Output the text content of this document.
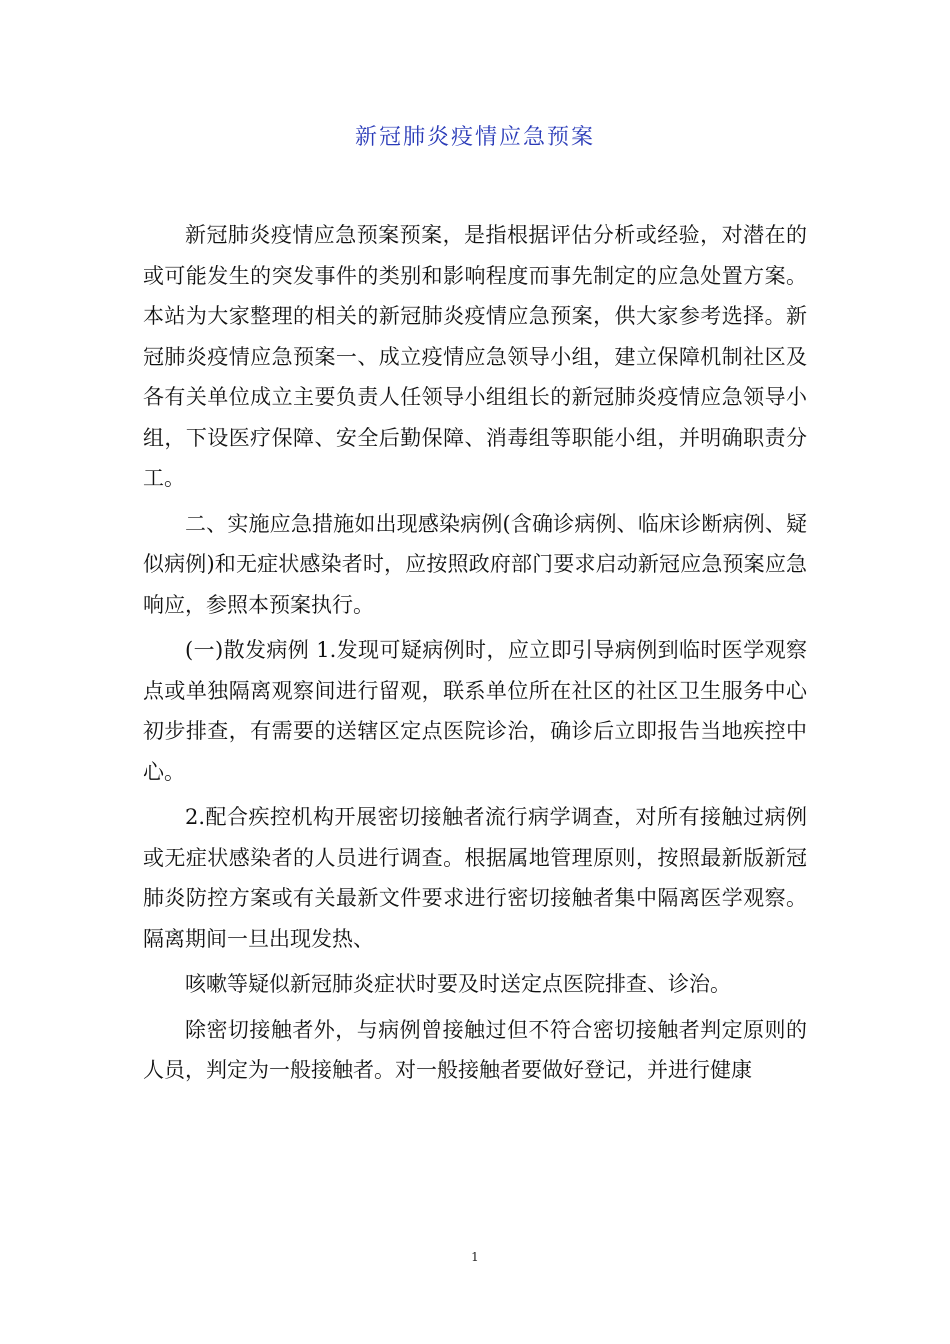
新冠肺炎疫情应急预案

新冠肺炎疫情应急预案预案，是指根据评估分析或经验，对潜在的或可能发生的突发事件的类别和影响程度而事先制定的应急处置方案。本站为大家整理的相关的新冠肺炎疫情应急预案，供大家参考选择。新冠肺炎疫情应急预案一、成立疫情应急领导小组，建立保障机制社区及各有关单位成立主要负责人任领导小组组长的新冠肺炎疫情应急领导小组，下设医疗保障、安全后勤保障、消毒组等职能小组，并明确职责分工。

二、实施应急措施如出现感染病例(含确诊病例、临床诊断病例、疑似病例)和无症状感染者时，应按照政府部门要求启动新冠应急预案应急响应，参照本预案执行。

(一)散发病例 1.发现可疑病例时，应立即引导病例到临时医学观察点或单独隔离观察间进行留观，联系单位所在社区的社区卫生服务中心初步排查，有需要的送辖区定点医院诊治，确诊后立即报告当地疾控中心。

2.配合疾控机构开展密切接触者流行病学调查，对所有接触过病例或无症状感染者的人员进行调查。根据属地管理原则，按照最新版新冠肺炎防控方案或有关最新文件要求进行密切接触者集中隔离医学观察。隔离期间一旦出现发热、

咳嗽等疑似新冠肺炎症状时要及时送定点医院排查、诊治。

除密切接触者外，与病例曾接触过但不符合密切接触者判定原则的人员，判定为一般接触者。对一般接触者要做好登记，并进行健康

1
